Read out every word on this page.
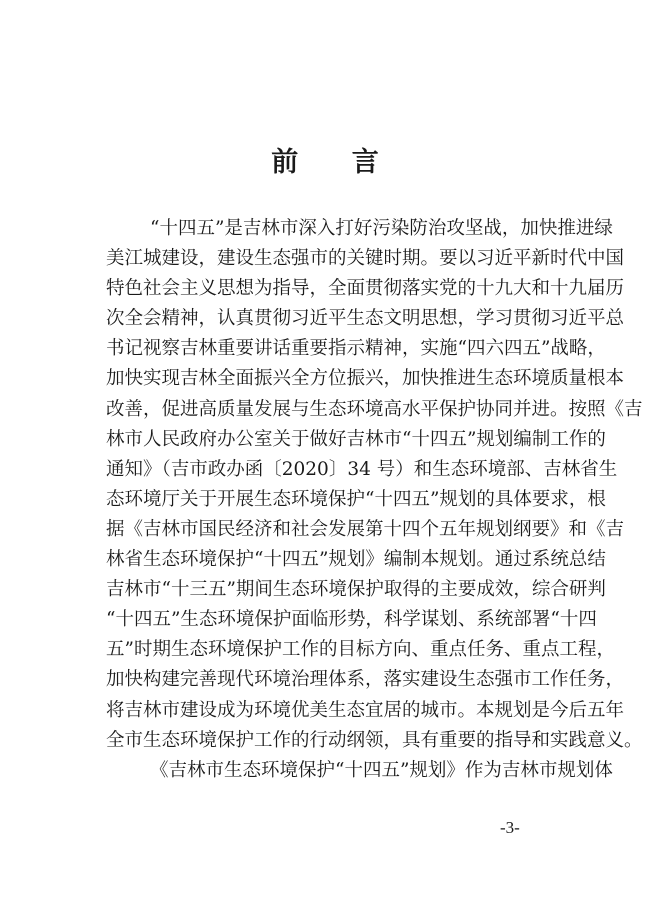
前 言
“十四五”是吉林市深入打好污染防治攻坚战，加快推进绿
美江城建设，建设生态强市的关键时期。要以习近平新时代中国
特色社会主义思想为指导，全面贯彻落实党的十九大和十九届历
次全会精神，认真贯彻习近平生态文明思想，学习贯彻习近平总
书记视察吉林重要讲话重要指示精神，实施“四六四五”战略，
加快实现吉林全面振兴全方位振兴，加快推进生态环境质量根本
改善，促进高质量发展与生态环境高水平保护协同并进。按照《吉
林市人民政府办公室关于做好吉林市“十四五”规划编制工作的
通知》（吉市政办函〔2020〕34 号）和生态环境部、吉林省生
态环境厅关于开展生态环境保护“十四五”规划的具体要求，根
据《吉林市国民经济和社会发展第十四个五年规划纲要》和《吉
林省生态环境保护“十四五”规划》编制本规划。通过系统总结
吉林市“十三五”期间生态环境保护取得的主要成效，综合研判
“十四五”生态环境保护面临形势，科学谋划、系统部署“十四
五”时期生态环境保护工作的目标方向、重点任务、重点工程，
加快构建完善现代环境治理体系，落实建设生态强市工作任务，
将吉林市建设成为环境优美生态宜居的城市。本规划是今后五年
全市生态环境保护工作的行动纲领，具有重要的指导和实践意义。
《吉林市生态环境保护“十四五”规划》作为吉林市规划体
-3-
